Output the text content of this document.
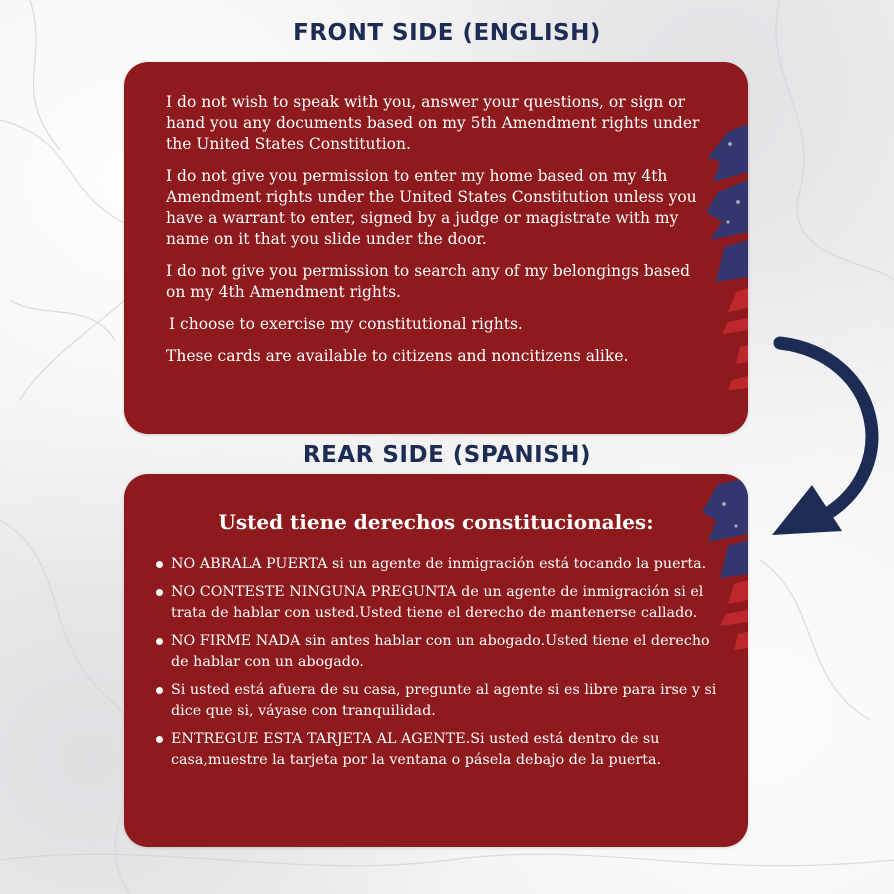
FRONT SIDE (ENGLISH)

I do not wish to speak with you, answer your questions, or sign or hand you any documents based on my 5th Amendment rights under the United States Constitution.

I do not give you permission to enter my home based on my 4th Amendment rights under the United States Constitution unless you have a warrant to enter, signed by a judge or magistrate with my name on it that you slide under the door.

I do not give you permission to search any of my belongings based on my 4th Amendment rights.

I choose to exercise my constitutional rights.

These cards are available to citizens and noncitizens alike.

REAR SIDE (SPANISH)
Usted tiene derechos constitucionales:
NO ABRALA PUERTA si un agente de inmigración está tocando la puerta.
NO CONTESTE NINGUNA PREGUNTA de un agente de inmigración si el trata de hablar con usted.Usted tiene el derecho de mantenerse callado.
NO FIRME NADA sin antes hablar con un abogado.Usted tiene el derecho de hablar con un abogado.
Si usted está afuera de su casa, pregunte al agente si es libre para irse y si dice que si, váyase con tranquilidad.
ENTREGUE ESTA TARJETA AL AGENTE.Si usted está dentro de su casa,muestre la tarjeta por la ventana o pásela debajo de la puerta.
